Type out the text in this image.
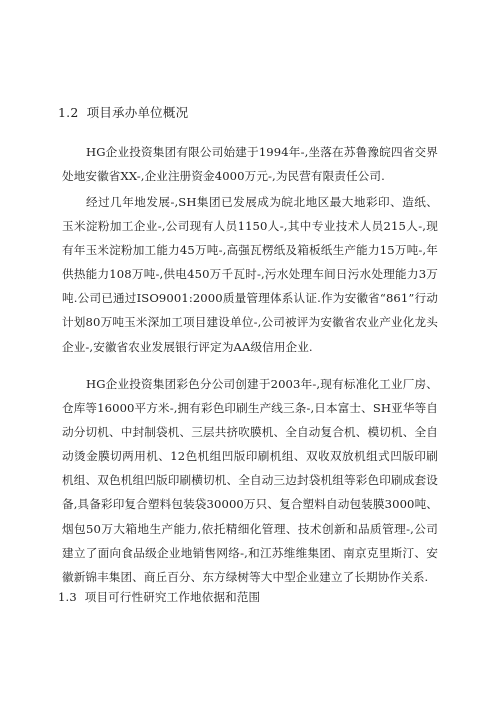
1.2 项目承办单位概况

HG企业投资集团有限公司始建于1994年-,坐落在苏鲁豫皖四省交界处地安徽省XX-,企业注册资金4000万元-,为民营有限责任公司.

经过几年地发展-,SH集团已发展成为皖北地区最大地彩印、造纸、玉米淀粉加工企业-,公司现有人员1150人-,其中专业技术人员215人-,现有年玉米淀粉加工能力45万吨-,高强瓦楞纸及箱板纸生产能力15万吨-,年供热能力108万吨-,供电450万千瓦时-,污水处理车间日污水处理能力3万吨.公司已通过ISO9001:2000质量管理体系认证.作为安徽省“861”行动计划80万吨玉米深加工项目建设单位-,公司被评为安徽省农业产业化龙头企业-,安徽省农业发展银行评定为AA级信用企业.

HG企业投资集团彩色分公司创建于2003年-,现有标准化工业厂房、仓库等16000平方米-,拥有彩色印刷生产线三条-,日本富士、SH亚华等自动分切机、中封制袋机、三层共挤吹膜机、全自动复合机、模切机、全自动烫金膜切两用机、12色机组凹版印刷机组、双收双放机组式凹版印刷机组、双色机组凹版印刷横切机、全自动三边封袋机组等彩色印刷成套设备,具备彩印复合塑料包装袋30000万只、复合塑料自动包装膜3000吨、烟包50万大箱地生产能力,依托精细化管理、技术创新和品质管理-,公司建立了面向食品级企业地销售网络-,和江苏维维集团、南京克里斯汀、安徽新锦丰集团、商丘百分、东方绿树等大中型企业建立了长期协作关系.

1.3 项目可行性研究工作地依据和范围
